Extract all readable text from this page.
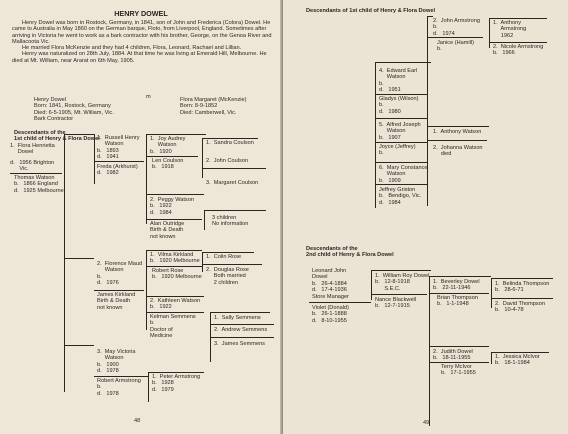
HENRY DOWEL

Henry Dowel was born in Rostock, Germany, in 1841, son of John and Frederica (Colora) Dowel. He came to Australia in May 1860 on the German barque, Floto, from Liverpool, England. Sometimes after arriving in Victoria he went to work as a bark contractor with his brother, George, on the Genoa River and Mallacoota Vic.

He married Flora McKenzie and they had 4 children, Flora, Leonard, Rachael and Lillian.

Henry was naturalized on 28th July, 1884. At that time he was living at Emerald Hill, Melbourne. He died at Mt. William, near Ararat on 6th May, 1905.

Henry Dowel
Born: 1841, Rostock, Germany
Died: 6-5-1905, Mt. William, Vic.
Bark Contractor

m

	Flora Margaret (McKenzie)
Born: 8-9-1852
Died: Camberwell, Vic.

Descendants of the
1st child of Henry & Flora Dowel

1.  Flora Henrietta
Dowel
d.   1956 Brighton
Vic.
Thomas Watson
b.   1866 England
d.   1925 Melbourne
1.  Russell Henry
Watson
b.   1893
d.   1941
Freda (Arkhurst)
d.   1982
1.  Joy Audrey
Watson
b.   1920
Len Coulson
b.   1918
1.  Sandra Coulson
2.  John Coulson
3.  Margaret Coulson
2.  Peggy Watson
b.   1922
d.   1984
Alan Outridge
Birth & Death
not known
3 children
No information
2.  Florence Maud
Watson
b.
d.   1976
James Kirkland
Birth & Death
not known
1.  Vilma Kirkland
b.   1920 Melbourne
Robert Rose
b.   1920 Melbourne
1.  Colin Rose
2.  Douglas Rose
Both married
2 children
2.  Kathleen Watson
b.   1922
Kelman Semmens
b.
Doctor of
Medicine
1.  Sally Semmens
2.  Andrew Semmens
3.  James Semmens
3.  May Victoria
Watson
b.   1900
d.   1978
Robert Armstrong
b.
d.   1978
1.  Peter Armstrong
b.   1928
d.   1979
48
Descendants of 1st child of Henry & Flora Dowel
2.  John Armstrong
b.
d.   1974
Janice (Hamill)
b.
1.  Anthony
Armstrong
1962
2.  Nicole Armstrong
b.   1966
4.  Edward Earl
Watson
b.
d.   1951
Gladys (Wilson)
b.
d.   1980
5.  Alfred Joseph
Watson
b.   1907
Joyce (Jeffrey)
b.
1.  Anthony Watson
2.  Johanna Watson
died
6.  Mary Constance
Watson
b.   1909
Jeffrey Griston
b.   Bendigo, Vic.
d.   1984
Descendants of the
2nd child of Henry & Flora Dowel
Leonard John
Dowel
b.   26-4-1884
d.   17-4-1936
Store Manager
Violet (Donald)
b.   26-1-1888
d.   8-10-1955
1.  William Roy Dowel
b.   12-8-1918
S.E.C.
Nance Blackwell
b.   12-7-1915
1.  Beverley Dowel
b.   22-11-1946
Brian Thompson
b.   1-1-1948
1.  Belinda Thompson
b.   28-6-71
2.  David Thompson
b.   10-4-78
2.  Judith Dowel
b.   18-11-1955
Terry McIvor
b.   17-1-1955
1.  Jessica McIvor
b.   18-1-1984
49
